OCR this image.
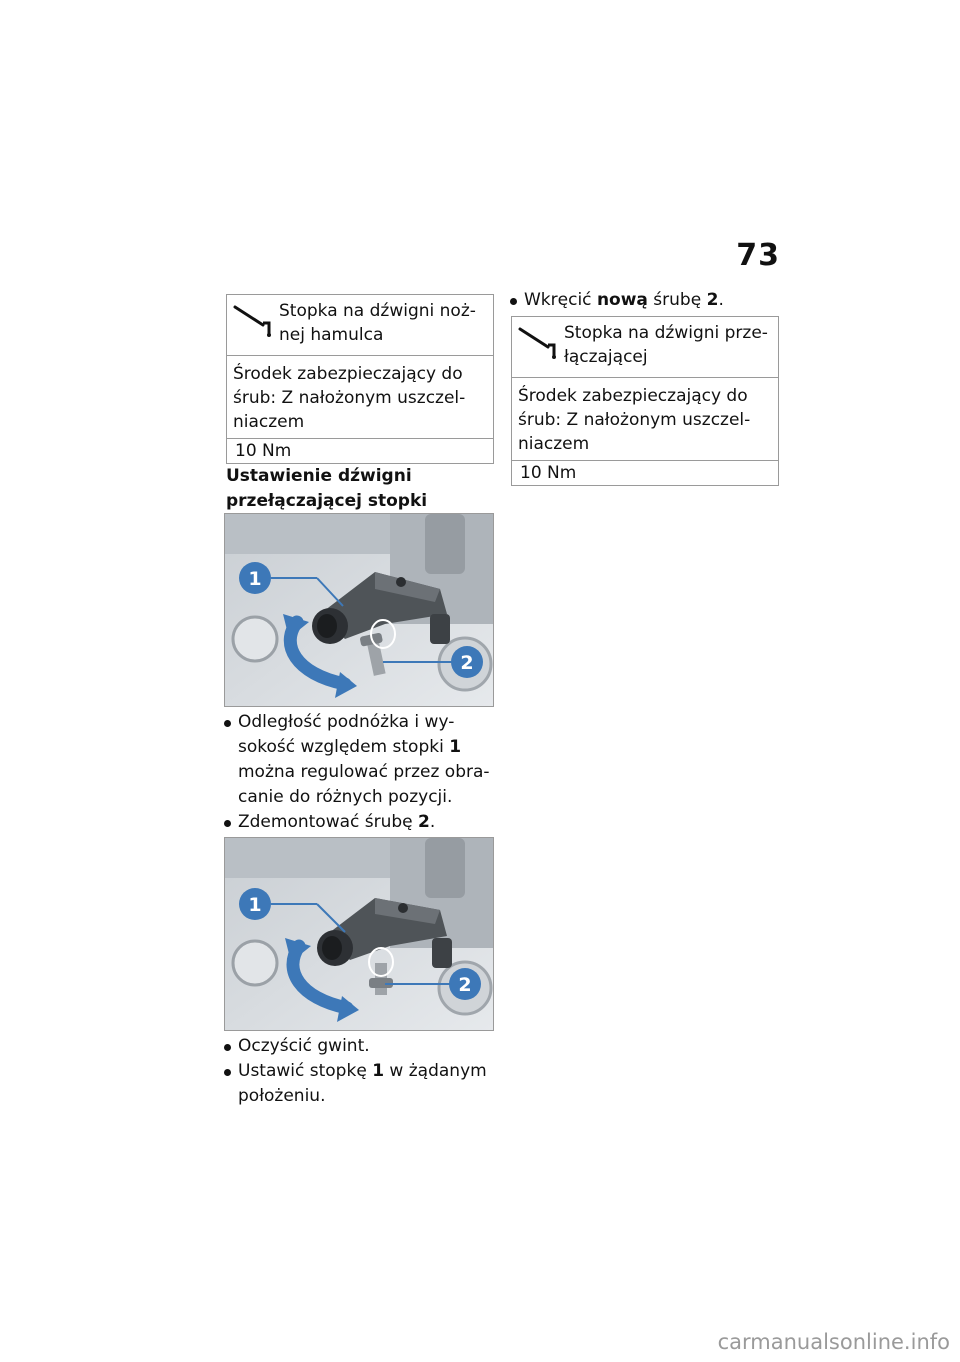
73
Stopka na dźwigni noż-
nej hamulca
Środek zabezpieczający do
śrub: Z nałożonym uszczel-
niaczem
10 Nm
Ustawienie dźwigni
przełączającej stopki
1
2
Odległość podnóżka i wy-
sokość względem stopki 1
można regulować przez obra-
canie do różnych pozycji.
Zdemontować śrubę 2.
1
2
Oczyścić gwint.
Ustawić stopkę 1 w żądanym
położeniu.
Wkręcić nową śrubę 2.
Stopka na dźwigni prze-
łączającej
Środek zabezpieczający do
śrub: Z nałożonym uszczel-
niaczem
10 Nm
carmanualsonline.info
